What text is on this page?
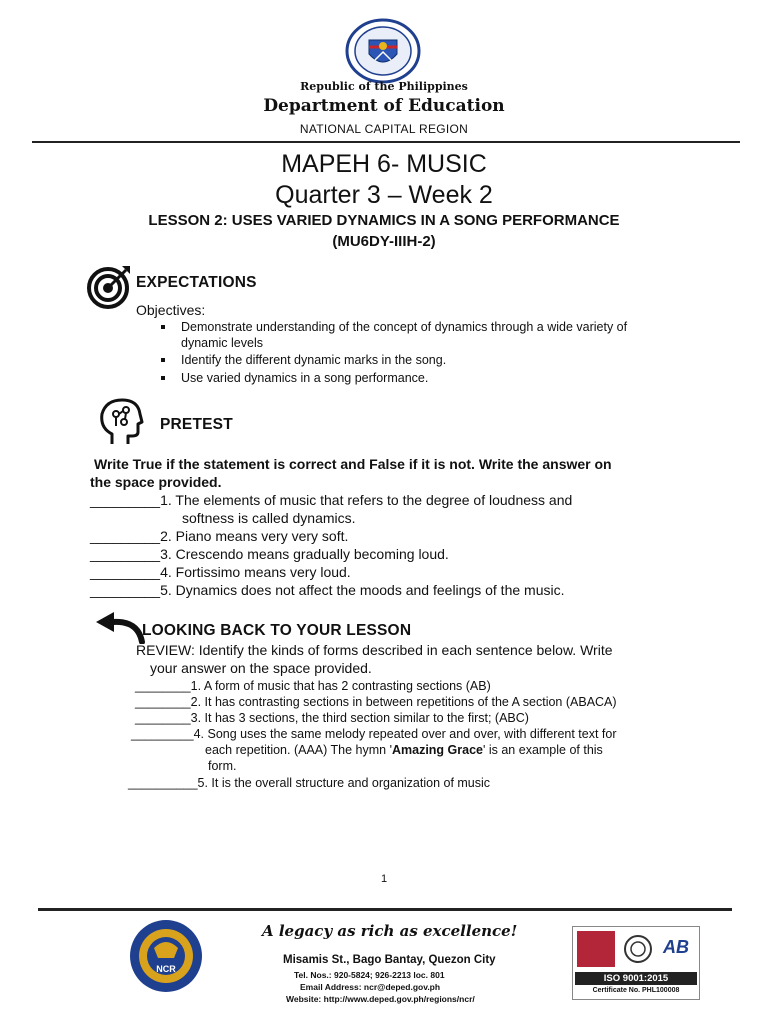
Republic of the Philippines
Department of Education
NATIONAL CAPITAL REGION
MAPEH 6- MUSIC
Quarter 3 – Week 2
LESSON 2: USES VARIED DYNAMICS IN A SONG PERFORMANCE
(MU6DY-IIIH-2)
EXPECTATIONS
Objectives:
Demonstrate understanding of the concept of dynamics through a wide variety of
dynamic levels
Identify the different dynamic marks in the song.
Use varied dynamics in a song performance.
PRETEST
Write True if the statement is correct and False if it is not. Write the answer on
the space provided.
_________1. The elements of music that refers to the degree of loudness and
softness is called dynamics.
_________2. Piano means very very soft.
_________3. Crescendo means gradually becoming loud.
_________4. Fortissimo means very loud.
_________5. Dynamics does not affect the moods and feelings of the music.
LOOKING BACK TO YOUR LESSON
REVIEW: Identify the kinds of forms described in each sentence below. Write
your answer on the space provided.
________1. A form of music that has 2 contrasting sections (AB)
________2. It has contrasting sections in between repetitions of the A section (ABACA)
________3. It has 3 sections, the third section similar to the first; (ABC)
_________4. Song uses the same melody repeated over and over, with different text for
each repetition. (AAA) The hymn 'Amazing Grace' is an example of this
form.
__________5. It is the overall structure and organization of music
1
NCR
A legacy as rich as excellence!
Misamis St., Bago Bantay, Quezon City
Tel. Nos.: 920-5824; 926-2213 loc. 801
Email Address: ncr@deped.gov.ph
Website: http://www.deped.gov.ph/regions/ncr/
AB
ISO 9001:2015
Certificate No. PHL100008
